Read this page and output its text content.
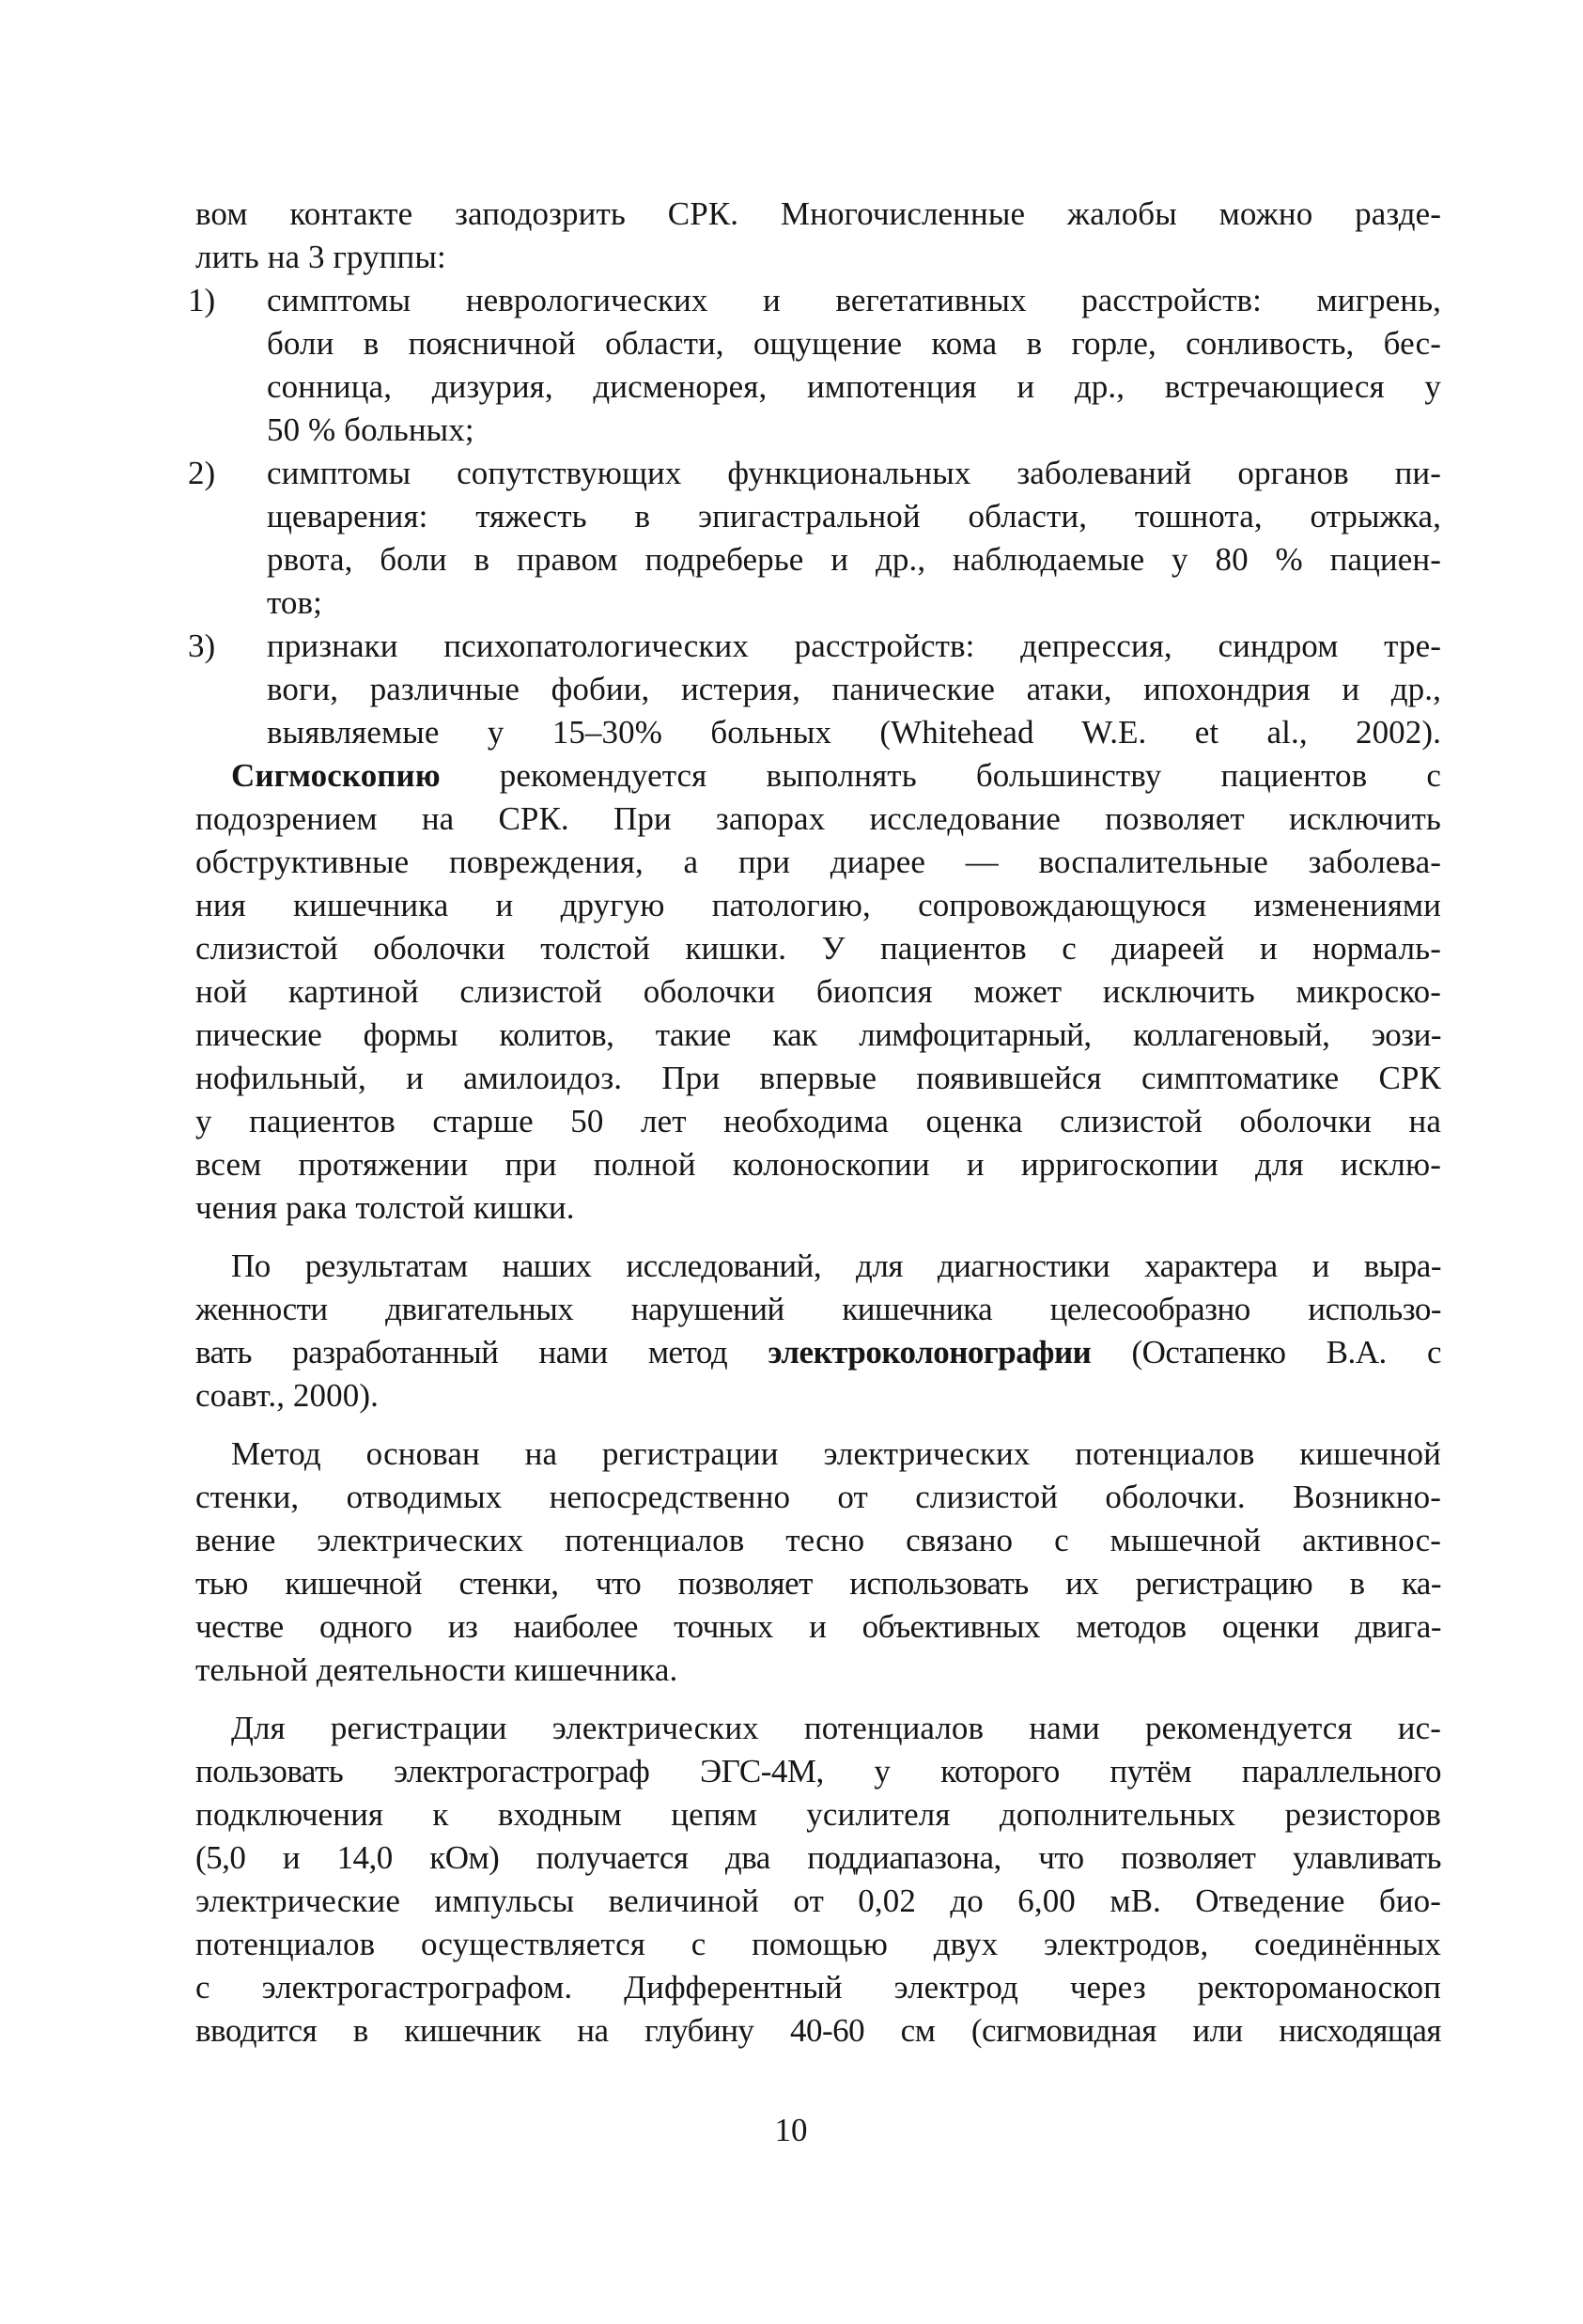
вом контакте заподозрить СРК. Многочисленные жалобы можно разде-
лить на 3 группы:
1)	симптомы неврологических и вегетативных расстройств: мигрень,
боли в поясничной области, ощущение кома в горле, сонливость, бес-
сонница, дизурия, дисменорея, импотенция и др., встречающиеся у
50 % больных;
2)	симптомы сопутствующих функциональных заболеваний органов пи-
щеварения: тяжесть в эпигастральной области, тошнота, отрыжка,
рвота, боли в правом подреберье и др., наблюдаемые у 80 % пациен-
тов;
3)	признаки психопатологических расстройств: депрессия, синдром тре-
воги, различные фобии, истерия, панические атаки, ипохондрия и др.,
выявляемые у 15–30% больных (Whitehead W.E. et al., 2002).
Сигмоскопию рекомендуется выполнять большинству пациентов с
подозрением на СРК. При запорах исследование позволяет исключить
обструктивные повреждения, а при диарее — воспалительные заболева-
ния кишечника и другую патологию, сопровождающуюся изменениями
слизистой оболочки толстой кишки. У пациентов с диареей и нормаль-
ной картиной слизистой оболочки биопсия может исключить микроско-
пические формы колитов, такие как лимфоцитарный, коллагеновый, эози-
нофильный, и амилоидоз. При впервые появившейся симптоматике СРК
у пациентов старше 50 лет необходима оценка слизистой оболочки на
всем протяжении при полной колоноскопии и ирригоскопии для исклю-
чения рака толстой кишки.
По результатам наших исследований, для диагностики характера и выра-
женности двигательных нарушений кишечника целесообразно использо-
вать разработанный нами метод электроколонографии (Остапенко В.А. с
соавт., 2000).
Метод основан на регистрации электрических потенциалов кишечной
стенки, отводимых непосредственно от слизистой оболочки. Возникно-
вение электрических потенциалов тесно связано с мышечной активнос-
тью кишечной стенки, что позволяет использовать их регистрацию в ка-
честве одного из наиболее точных и объективных методов оценки двига-
тельной деятельности кишечника.
Для регистрации электрических потенциалов нами рекомендуется ис-
пользовать электрогастрограф ЭГС-4М, у которого путём параллельного
подключения к входным цепям усилителя дополнительных резисторов
(5,0 и 14,0 кОм) получается два поддиапазона, что позволяет улавливать
электрические импульсы величиной от 0,02 до 6,00 мВ. Отведение био-
потенциалов осуществляется с помощью двух электродов, соединённых
с электрогастрографом. Дифферентный электрод через ректороманоскоп
вводится в кишечник на глубину 40-60 см (сигмовидная или нисходящая
10
